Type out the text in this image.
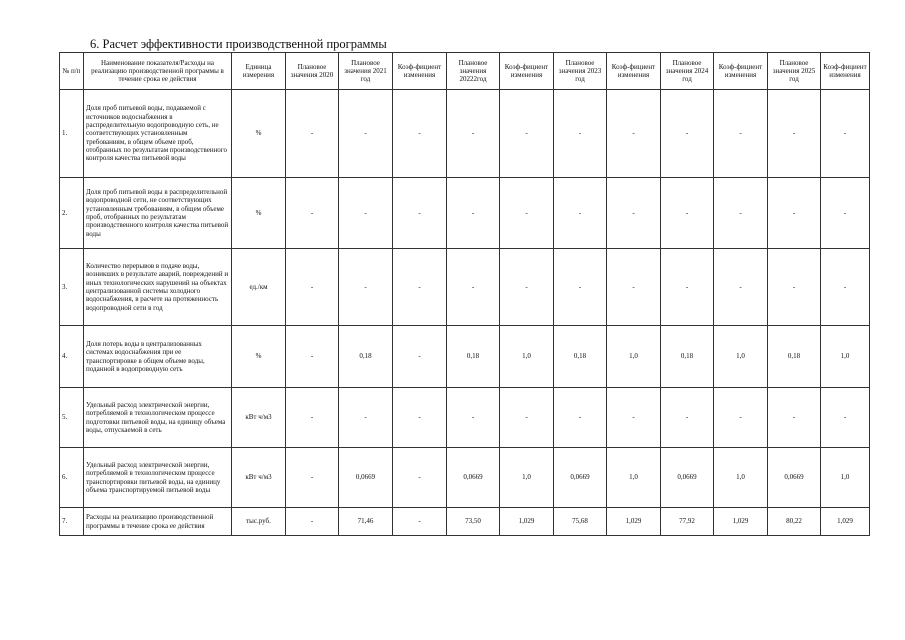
6. Расчет эффективности производственной программы
№ п/п	Наименование показателя/Расходы на реализацию производственной программы в течение срока ее действия	Единица измерения	Плановое значения 2020	Плановое значения 2021 год	Коэф-фициент изменения	Плановое значения 20222год	Коэф-фициент изменения	Плановое значения 2023 год	Коэф-фициент изменения	Плановое значения 2024 год	Коэф-фициент изменения	Плановое значения 2025 год	Коэф-фициент изменения
1.	Доля проб питьевой воды, подаваемой с источников водоснабжения в распределительную водопроводную сеть, не соответствующих установленным требованиям, в общем объеме проб, отобранных по результатам производственного контроля качества питьевой воды	%	-	-	-	-	-	-	-	-	-	-	-
2.	Доля проб питьевой воды в распределительной водопроводной сети, не соответствующих установленным требованиям, в общем объеме проб, отобранных по результатам производственного контроля качества питьевой воды	%	-	-	-	-	-	-	-	-	-	-	-
3.	Количество перерывов в подаче воды, возникших в результате аварий, повреждений и иных технологических нарушений на объектах централизованной системы холодного водоснабжения, в расчете на протяженность водопроводной сети в год	ед./км	-	-	-	-	-	-	-	-	-	-	-
4.	Доля потерь воды в централизованных системах водоснабжения при ее транспортировке в общем объеме воды, поданной в водопроводную сеть	%	-	0,18	-	0,18	1,0	0,18	1,0	0,18	1,0	0,18	1,0
5.	Удельный расход электрической энергии, потребляемой в технологическом процессе подготовки питьевой воды, на единицу объема воды, отпускаемой в сеть	кВт ч/м3	-	-	-	-	-	-	-	-	-	-	-
6.	Удельный расход электрической энергии, потребляемой в технологическом процессе транспортировки питьевой воды, на единицу объема транспортируемой питьевой воды	кВт ч/м3	-	0,0669	-	0,0669	1,0	0,0669	1,0	0,0669	1,0	0,0669	1,0
7.	Расходы на реализацию производственной программы в течение срока ее действия	тыс.руб.	-	71,46	-	73,50	1,029	75,68	1,029	77,92	1,029	80,22	1,029
